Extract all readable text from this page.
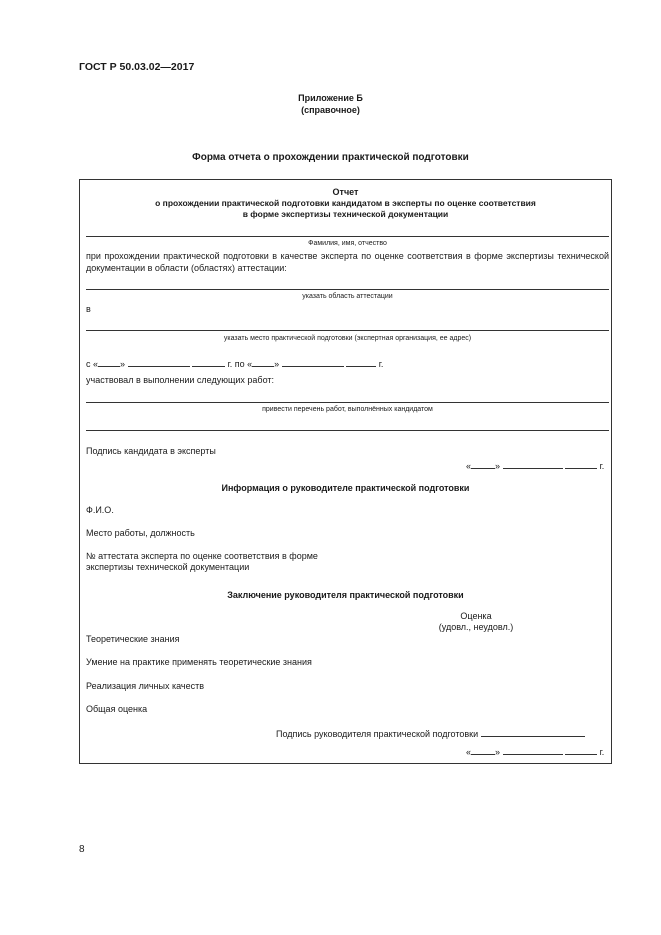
ГОСТ Р 50.03.02—2017
Приложение Б
(справочное)
Форма отчета о прохождении практической подготовки
Отчет
о прохождении практической подготовки кандидатом в эксперты по оценке соответствия
в форме экспертизы технической документации
Фамилия, имя, отчество
при прохождении практической подготовки в качестве эксперта по оценке соответствия в форме экспертизы технической документации в области (областях) аттестации:
указать область аттестации
в
указать место практической подготовки (экспертная организация, ее адрес)
с « »	г. по « »	г.
участвовал в выполнении следующих работ:
привести перечень работ, выполнённых кандидатом
Подпись кандидата в эксперты
«	»	г.
Информация о руководителе практической подготовки
Ф.И.О.
Место работы, должность
№ аттестата эксперта по оценке соответствия в форме
экспертизы технической документации
Заключение руководителя практической подготовки
Оценка
(удовл., неудовл.)
Теоретические знания
Умение на практике применять теоретические знания
Реализация личных качеств
Общая оценка
Подпись руководителя практической подготовки
«	»	г.
8
